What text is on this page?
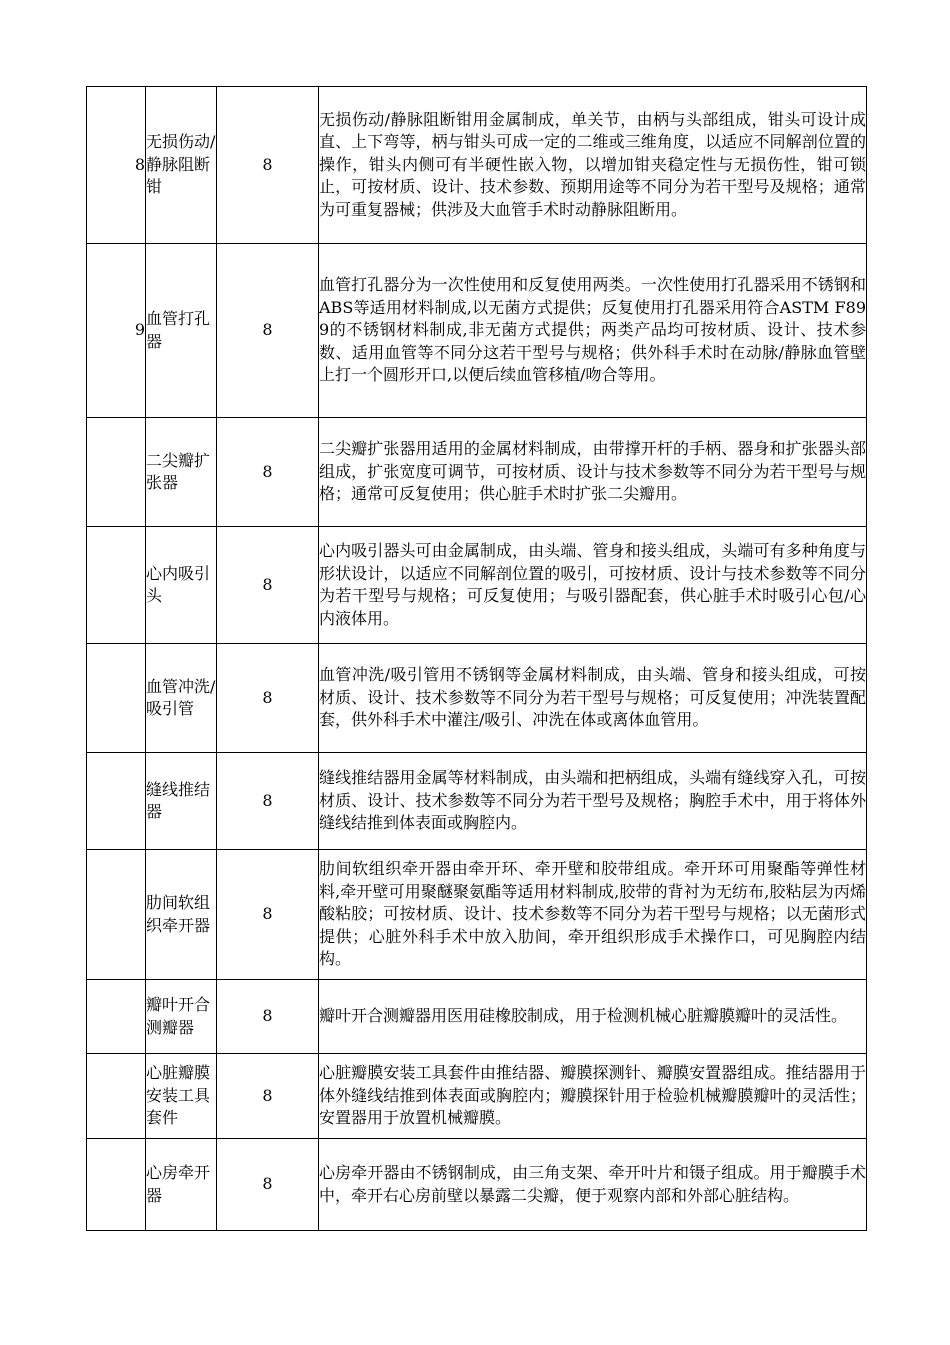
8	无损伤动/静脉阻断钳	8	无损伤动/静脉阻断钳用金属制成，单关节，由柄与头部组成，钳头可设计成直、上下弯等，柄与钳头可成一定的二维或三维角度，以适应不同解剖位置的操作，钳头内侧可有半硬性嵌入物，以增加钳夹稳定性与无损伤性，钳可锁止，可按材质、设计、技术参数、预期用途等不同分为若干型号及规格；通常为可重复器械；供涉及大血管手术时动静脉阻断用。
9	血管打孔器	8	血管打孔器分为一次性使用和反复使用两类。一次性使用打孔器采用不锈钢和ABS等适用材料制成,以无菌方式提供；反复使用打孔器采用符合ASTM F899的不锈钢材料制成,非无菌方式提供；两类产品均可按材质、设计、技术参数、适用血管等不同分这若干型号与规格；供外科手术时在动脉/静脉血管壁上打一个圆形开口,以便后续血管移植/吻合等用。
	二尖瓣扩张器	8	二尖瓣扩张器用适用的金属材料制成，由带撑开杆的手柄、器身和扩张器头部组成，扩张宽度可调节，可按材质、设计与技术参数等不同分为若干型号与规格；通常可反复使用；供心脏手术时扩张二尖瓣用。
	心内吸引头	8	心内吸引器头可由金属制成，由头端、管身和接头组成，头端可有多种角度与形状设计，以适应不同解剖位置的吸引，可按材质、设计与技术参数等不同分为若干型号与规格；可反复使用；与吸引器配套，供心脏手术时吸引心包/心内液体用。
	血管冲洗/吸引管	8	血管冲洗/吸引管用不锈钢等金属材料制成，由头端、管身和接头组成，可按材质、设计、技术参数等不同分为若干型号与规格；可反复使用；冲洗装置配套，供外科手术中灌注/吸引、冲洗在体或离体血管用。
	缝线推结器	8	缝线推结器用金属等材料制成，由头端和把柄组成，头端有缝线穿入孔，可按材质、设计、技术参数等不同分为若干型号及规格；胸腔手术中，用于将体外缝线结推到体表面或胸腔内。
	肋间软组织牵开器	8	肋间软组织牵开器由牵开环、牵开壁和胶带组成。牵开环可用聚酯等弹性材料,牵开壁可用聚醚聚氨酯等适用材料制成,胶带的背衬为无纺布,胶粘层为丙烯酸粘胶；可按材质、设计、技术参数等不同分为若干型号与规格；以无菌形式提供；心脏外科手术中放入肋间，牵开组织形成手术操作口，可见胸腔内结构。
	瓣叶开合测瓣器	8	瓣叶开合测瓣器用医用硅橡胶制成，用于检测机械心脏瓣膜瓣叶的灵活性。
	心脏瓣膜安装工具套件	8	心脏瓣膜安装工具套件由推结器、瓣膜探测针、瓣膜安置器组成。推结器用于体外缝线结推到体表面或胸腔内；瓣膜探针用于检验机械瓣膜瓣叶的灵活性；安置器用于放置机械瓣膜。
	心房牵开器	8	心房牵开器由不锈钢制成，由三角支架、牵开叶片和镊子组成。用于瓣膜手术中，牵开右心房前壁以暴露二尖瓣，便于观察内部和外部心脏结构。
